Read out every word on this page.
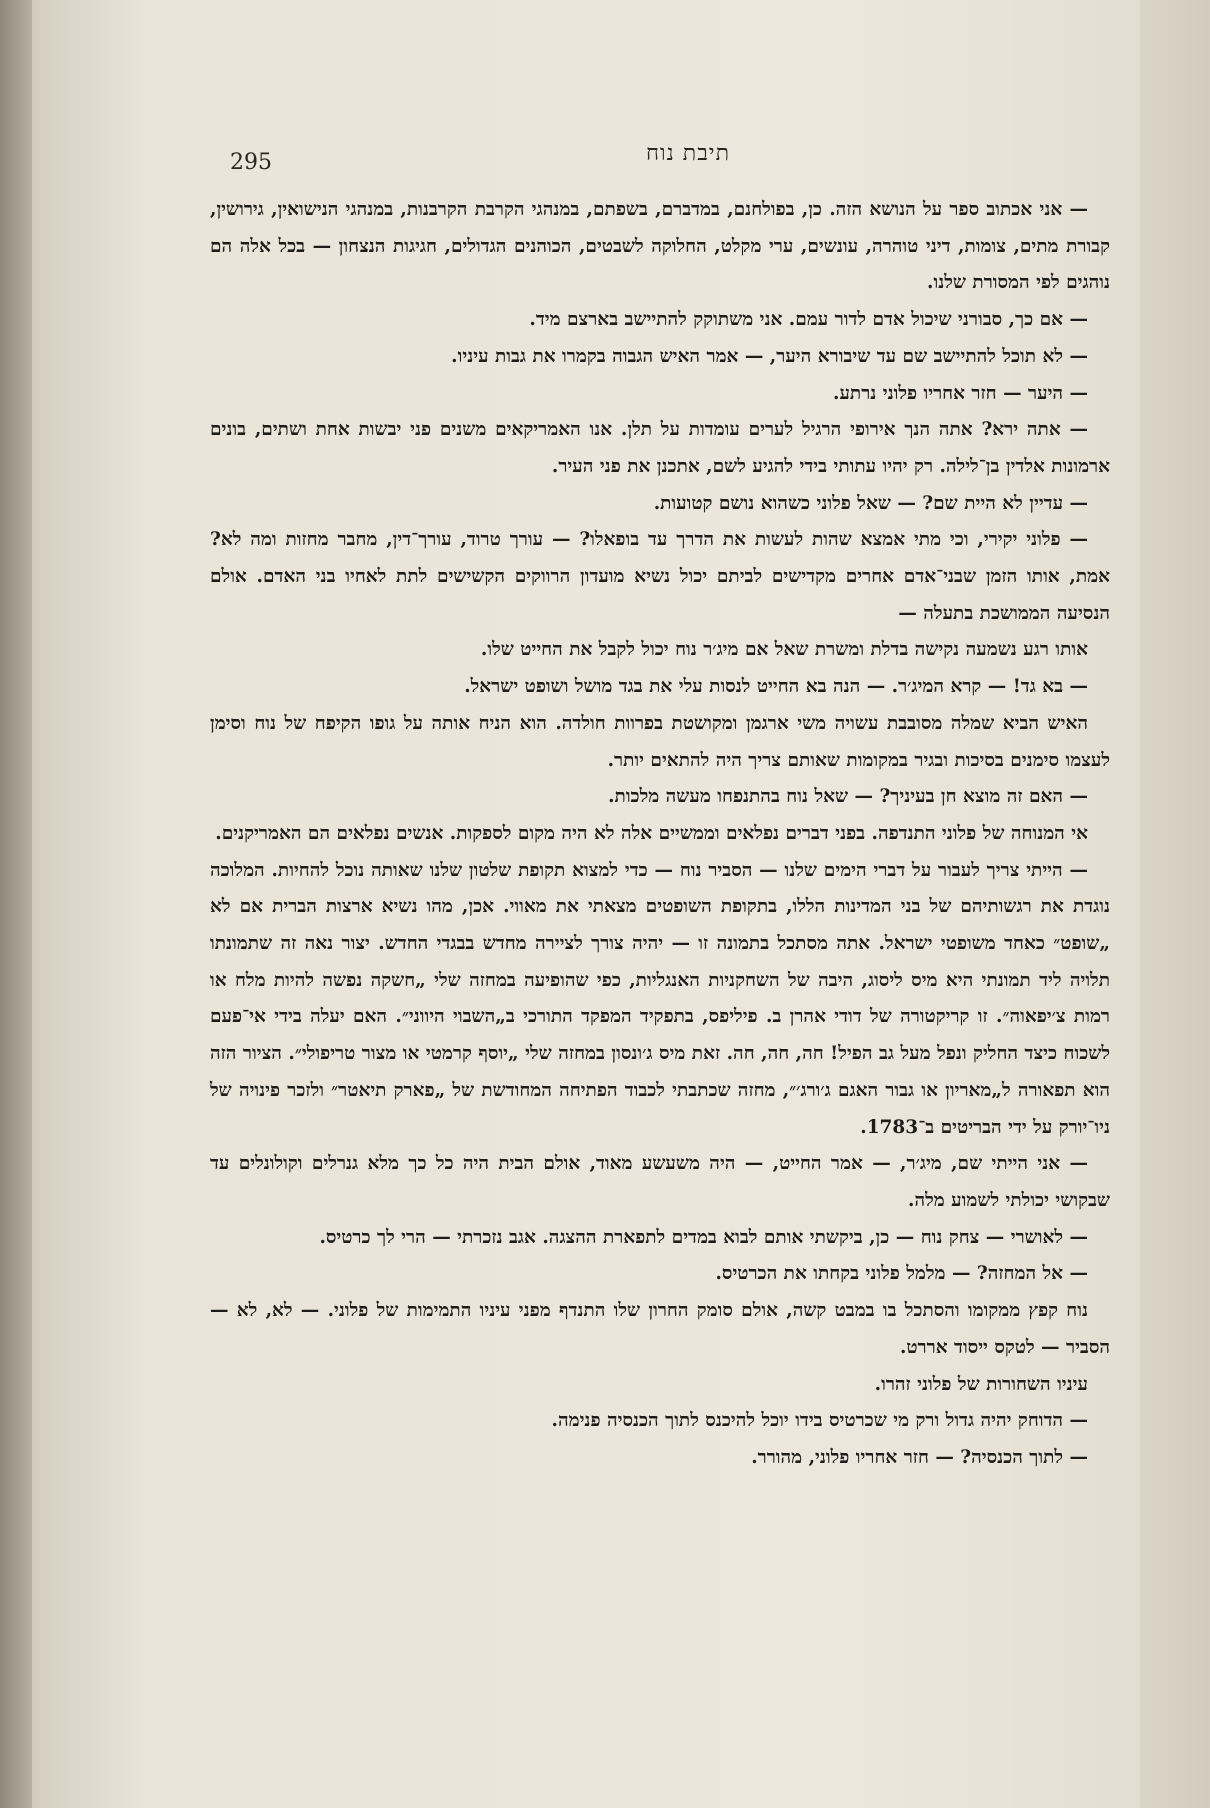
תיבת נוח
295

— אני אכתוב ספר על הנושא הזה. כן, בפולחנם, במדברם, בשפתם, במנהגי הקרבת הקרבנות, במנהגי הנישואין, גירושין, קבורת מתים, צומות, דיני טוהרה, עונשים, ערי מקלט, החלוקה לשבטים, הכוהנים הגדולים, חגיגות הנצחון — בכל אלה הם נוהגים לפי המסורת שלנו.

— אם כך, סבורני שיכול אדם לדור עמם. אני משתוקק להתיישב בארצם מיד.

— לא תוכל להתיישב שם עד שיבורא היער, — אמר האיש הגבוה בקמרו את גבות עיניו.

— היער — חזר אחריו פלוני נרתע.

— אתה ירא? אתה הנך אירופי הרגיל לערים עומדות על תלן. אנו האמריקאים משנים פני יבשות אחת ושתים, בונים ארמונות אלדין בן־לילה. רק יהיו עתותי בידי להגיע לשם, אתכנן את פני העיר.

— עדיין לא היית שם? — שאל פלוני כשהוא נושם קטועות.

— פלוני יקירי, וכי מתי אמצא שהות לעשות את הדרך עד בופאלו? — עורך טרוד, עורך־דין, מחבר מחזות ומה לא? אמת, אותו הזמן שבני־אדם אחרים מקדישים לביתם יכול נשיא מועדון הרווקים הקשישים לתת לאחיו בני האדם. אולם הנסיעה הממושכת בתעלה —

אותו רגע נשמעה נקישה בדלת ומשרת שאל אם מיג׳ר נוח יכול לקבל את החייט שלו.

— בא גד! — קרא המיג׳ר. — הנה בא החייט לנסות עלי את בגד מושל ושופט ישראל.

האיש הביא שמלה מסובבת עשויה משי ארגמן ומקושטת בפרוות חולדה. הוא הניח אותה על גופו הקיפח של נוח וסימן לעצמו סימנים בסיכות ובגיר במקומות שאותם צריך היה להתאים יותר.

— האם זה מוצא חן בעיניך? — שאל נוח בהתנפחו מעשה מלכות.

אי המנוחה של פלוני התנדפה. בפני דברים נפלאים וממשיים אלה לא היה מקום לספקות. אנשים נפלאים הם האמריקנים.

— הייתי צריך לעבור על דברי הימים שלנו — הסביר נוח — כדי למצוא תקופת שלטון שלנו שאותה נוכל להחיות. המלוכה נוגדת את רגשותיהם של בני המדינות הללו, בתקופת השופטים מצאתי את מאווי. אכן, מהו נשיא ארצות הברית אם לא „שופט״ כאחד משופטי ישראל. אתה מסתכל בתמונה זו — יהיה צורך לציירה מחדש בבגדי החדש. יצור נאה זה שתמונתו תלויה ליד תמונתי היא מיס ליסוג, היבה של השחקניות האנגליות, כפי שהופיעה במחזה שלי „חשקה נפשה להיות מלח או רמות צ׳יפאוה״. זו קריקטורה של דודי אהרן ב. פיליפס, בתפקיד המפקד התורכי ב„השבוי היווני״. האם יעלה בידי אי־פעם לשכוח כיצד החליק ונפל מעל גב הפיל! חה, חה, חה. זאת מיס ג׳ונסון במחזה שלי „יוסף קרמטי או מצור טריפולי״. הציור הזה הוא תפאורה ל„מאריון או גבור האגם ג׳ורג׳״, מחזה שכתבתי לכבוד הפתיחה המחודשת של „פארק תיאטר״ ולזכר פינויה של ניו־יורק על ידי הבריטים ב־1783.

— אני הייתי שם, מיג׳ר, — אמר החייט, — היה משעשע מאוד, אולם הבית היה כל כך מלא גנרלים וקולונלים עד שבקושי יכולתי לשמוע מלה.

— לאושרי — צחק נוח — כן, ביקשתי אותם לבוא במדים לתפארת ההצגה. אגב נזכרתי — הרי לך כרטיס.

— אל המחזה? — מלמל פלוני בקחתו את הכרטיס.

נוח קפץ ממקומו והסתכל בו במבט קשה, אולם סומק החרון שלו התנדף מפני עיניו התמימות של פלוני. — לא, לא — הסביר — לטקס ייסוד אררט.

עיניו השחורות של פלוני זהרו.

— הדוחק יהיה גדול ורק מי שכרטיס בידו יוכל להיכנס לתוך הכנסיה פנימה.

— לתוך הכנסיה? — חזר אחריו פלוני, מהורר.
